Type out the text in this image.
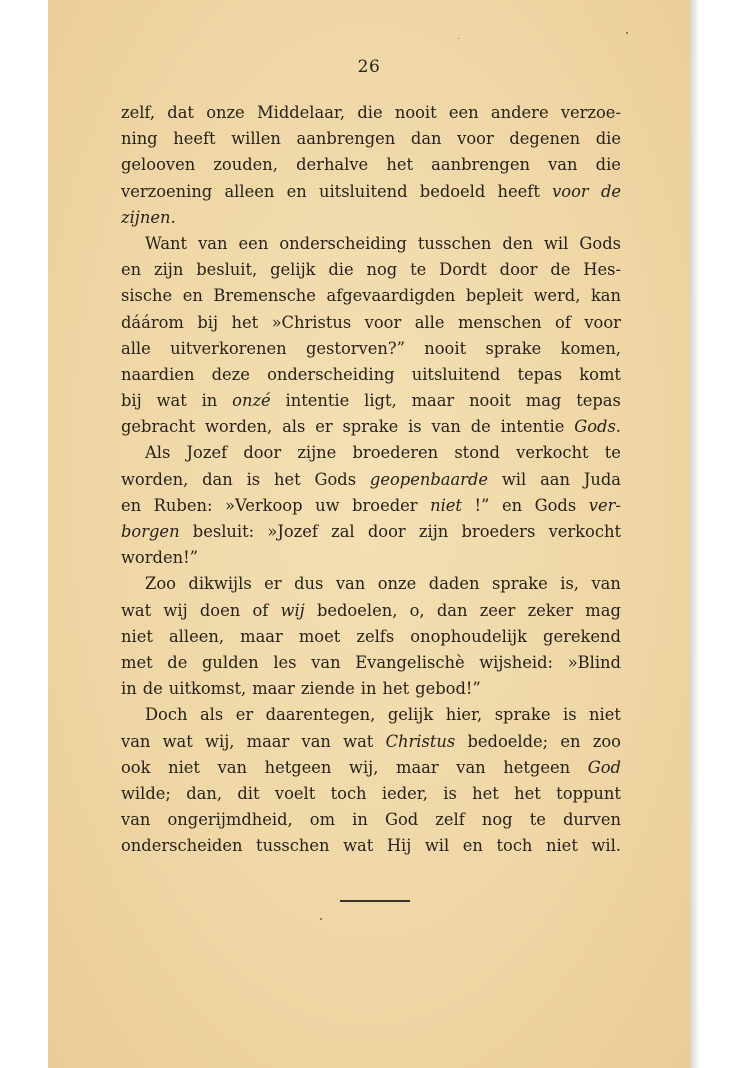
26
zelf, dat onze Middelaar, die nooit een andere verzoe-
ning heeft willen aanbrengen dan voor degenen die
gelooven zouden, derhalve het aanbrengen van die
verzoening alleen en uitsluitend bedoeld heeft voor de
zijnen.
Want van een onderscheiding tusschen den wil Gods
en zijn besluit, gelijk die nog te Dordt door de Hes-
sische en Bremensche afgevaardigden bepleit werd, kan
dáárom bij het »Christus voor alle menschen of voor
alle uitverkorenen gestorven?” nooit sprake komen,
naardien deze onderscheiding uitsluitend tepas komt
bij wat in onzé intentie ligt, maar nooit mag tepas
gebracht worden, als er sprake is van de intentie Gods.
Als Jozef door zijne broederen stond verkocht te
worden, dan is het Gods geopenbaarde wil aan Juda
en Ruben: »Verkoop uw broeder niet !” en Gods ver-
borgen besluit: »Jozef zal door zijn broeders verkocht
worden!”
Zoo dikwijls er dus van onze daden sprake is, van
wat wij doen of wij bedoelen, o, dan zeer zeker mag
niet alleen, maar moet zelfs onophoudelijk gerekend
met de gulden les van Evangelischè wijsheid: »Blind
in de uitkomst, maar ziende in het gebod!”
Doch als er daarentegen, gelijk hier, sprake is niet
van wat wij, maar van wat Christus bedoelde; en zoo
ook niet van hetgeen wij, maar van hetgeen God
wilde; dan, dit voelt toch ieder, is het het toppunt
van ongerijmdheid, om in God zelf nog te durven
onderscheiden tusschen wat Hij wil en toch niet wil.
